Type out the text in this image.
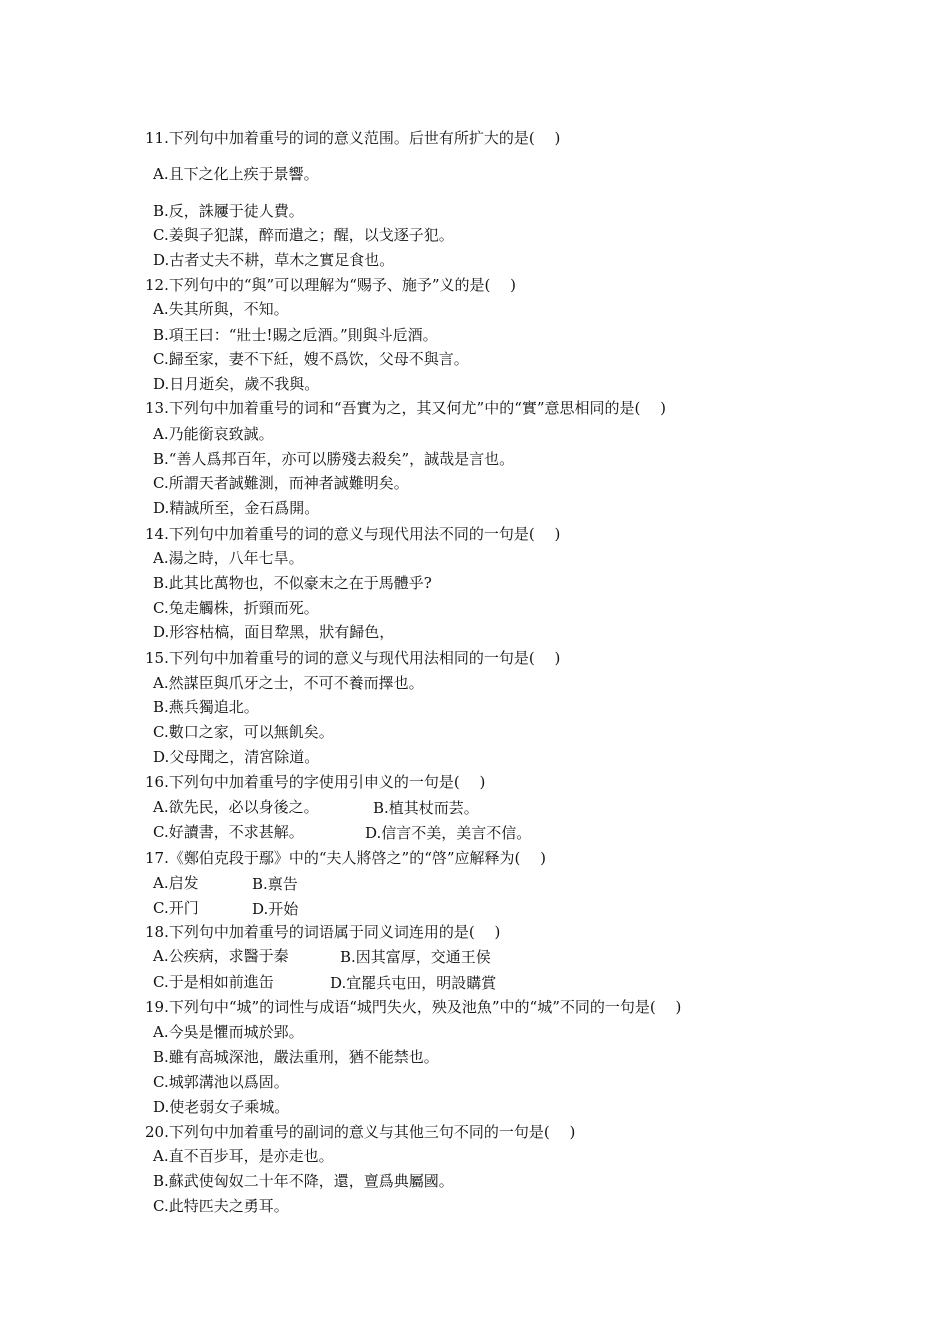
11.下列句中加着重号的词的意义范围。后世有所扩大的是(　 )
A.且下之化上疾于景響。
B.反，誅屨于徒人費。
C.姜與子犯謀，醉而遣之；醒，以戈逐子犯。
D.古者丈夫不耕，草木之實足食也。
12.下列句中的“與”可以理解为“赐予、施予”义的是(　 )
A.失其所與，不知。
B.項王曰：“壯士!賜之卮酒。”則與斗卮酒。
C.歸至家，妻不下紝，嫂不爲饮，父母不與言。
D.日月逝矣，歲不我與。
13.下列句中加着重号的词和“吾實为之，其又何尤”中的“實”意思相同的是(　 )
A.乃能銜哀致誠。
B.“善人爲邦百年，亦可以勝殘去殺矣”，誠哉是言也。
C.所謂天者誠難測，而神者誠難明矣。
D.精誠所至，金石爲開。
14.下列句中加着重号的词的意义与现代用法不同的一句是(　 )
A.湯之時，八年七旱。
B.此其比萬物也，不似豪末之在于馬體乎?
C.兔走觸株，折頸而死。
D.形容枯槁，面目犂黑，狀有歸色，
15.下列句中加着重号的词的意义与现代用法相同的一句是(　 )
A.然謀臣與爪牙之士，不可不養而擇也。
B.燕兵獨追北。
C.數口之家，可以無飢矣。
D.父母聞之，清宮除道。
16.下列句中加着重号的字使用引申义的一句是(　 )
A.欲先民，必以身後之。	B.植其杖而芸。
C.好讀書，不求甚解。	D.信言不美，美言不信。
17.《鄭伯克段于鄢》中的“夫人將啓之”的“啓”应解释为(　 )
A.启发	B.禀告
C.开门	D.开始
18.下列句中加着重号的词语属于同义词连用的是(　 )
A.公疾病，求醫于秦	B.因其富厚，交通王侯
C.于是相如前進缶	D.宜罷兵屯田，明設購賞
19.下列句中“城”的词性与成语“城門失火，殃及池魚”中的“城”不同的一句是(　 )
A.今吳是懼而城於郢。
B.雖有高城深池，嚴法重刑，猶不能禁也。
C.城郭溝池以爲固。
D.使老弱女子乘城。
20.下列句中加着重号的副词的意义与其他三句不同的一句是(　 )
A.直不百步耳，是亦走也。
B.蘇武使匈奴二十年不降，還，亶爲典屬國。
C.此特匹夫之勇耳。
